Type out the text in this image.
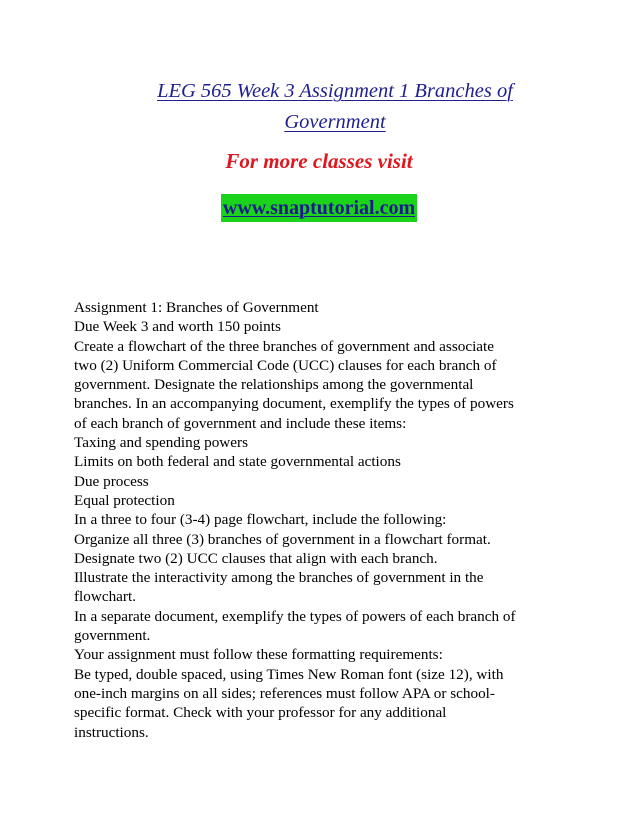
LEG 565 Week 3 Assignment 1 Branches of
Government
For more classes visit
www.snaptutorial.com
Assignment 1: Branches of Government
Due Week 3 and worth 150 points
Create a flowchart of the three branches of government and associate
two (2) Uniform Commercial Code (UCC) clauses for each branch of
government. Designate the relationships among the governmental
branches. In an accompanying document, exemplify the types of powers
of each branch of government and include these items:
Taxing and spending powers
Limits on both federal and state governmental actions
Due process
Equal protection
In a three to four (3-4) page flowchart, include the following:
Organize all three (3) branches of government in a flowchart format.
Designate two (2) UCC clauses that align with each branch.
Illustrate the interactivity among the branches of government in the
flowchart.
In a separate document, exemplify the types of powers of each branch of
government.
Your assignment must follow these formatting requirements:
Be typed, double spaced, using Times New Roman font (size 12), with
one-inch margins on all sides; references must follow APA or school-
specific format. Check with your professor for any additional
instructions.
